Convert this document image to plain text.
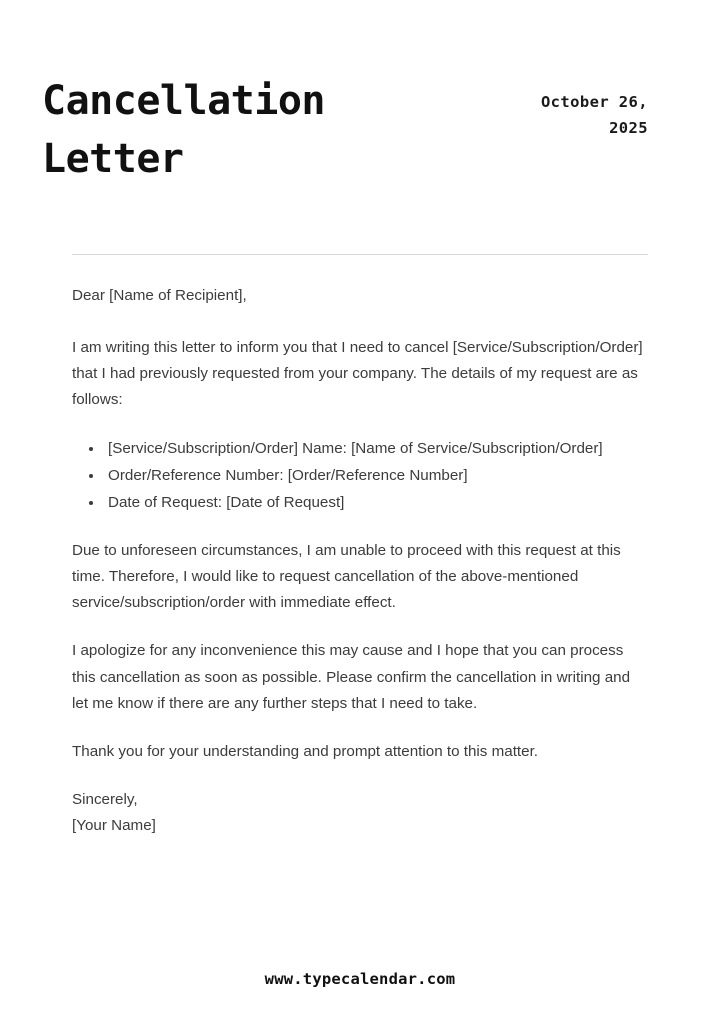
Cancellation Letter
October 26, 2025

Dear [Name of Recipient],

I am writing this letter to inform you that I need to cancel [Service/Subscription/Order] that I had previously requested from your company. The details of my request are as follows:

• [Service/Subscription/Order] Name: [Name of Service/Subscription/Order]
• Order/Reference Number: [Order/Reference Number]
• Date of Request: [Date of Request]

Due to unforeseen circumstances, I am unable to proceed with this request at this time. Therefore, I would like to request cancellation of the above-mentioned service/subscription/order with immediate effect.

I apologize for any inconvenience this may cause and I hope that you can process this cancellation as soon as possible. Please confirm the cancellation in writing and let me know if there are any further steps that I need to take.

Thank you for your understanding and prompt attention to this matter.

Sincerely,

[Your Name]

www.typecalendar.com
